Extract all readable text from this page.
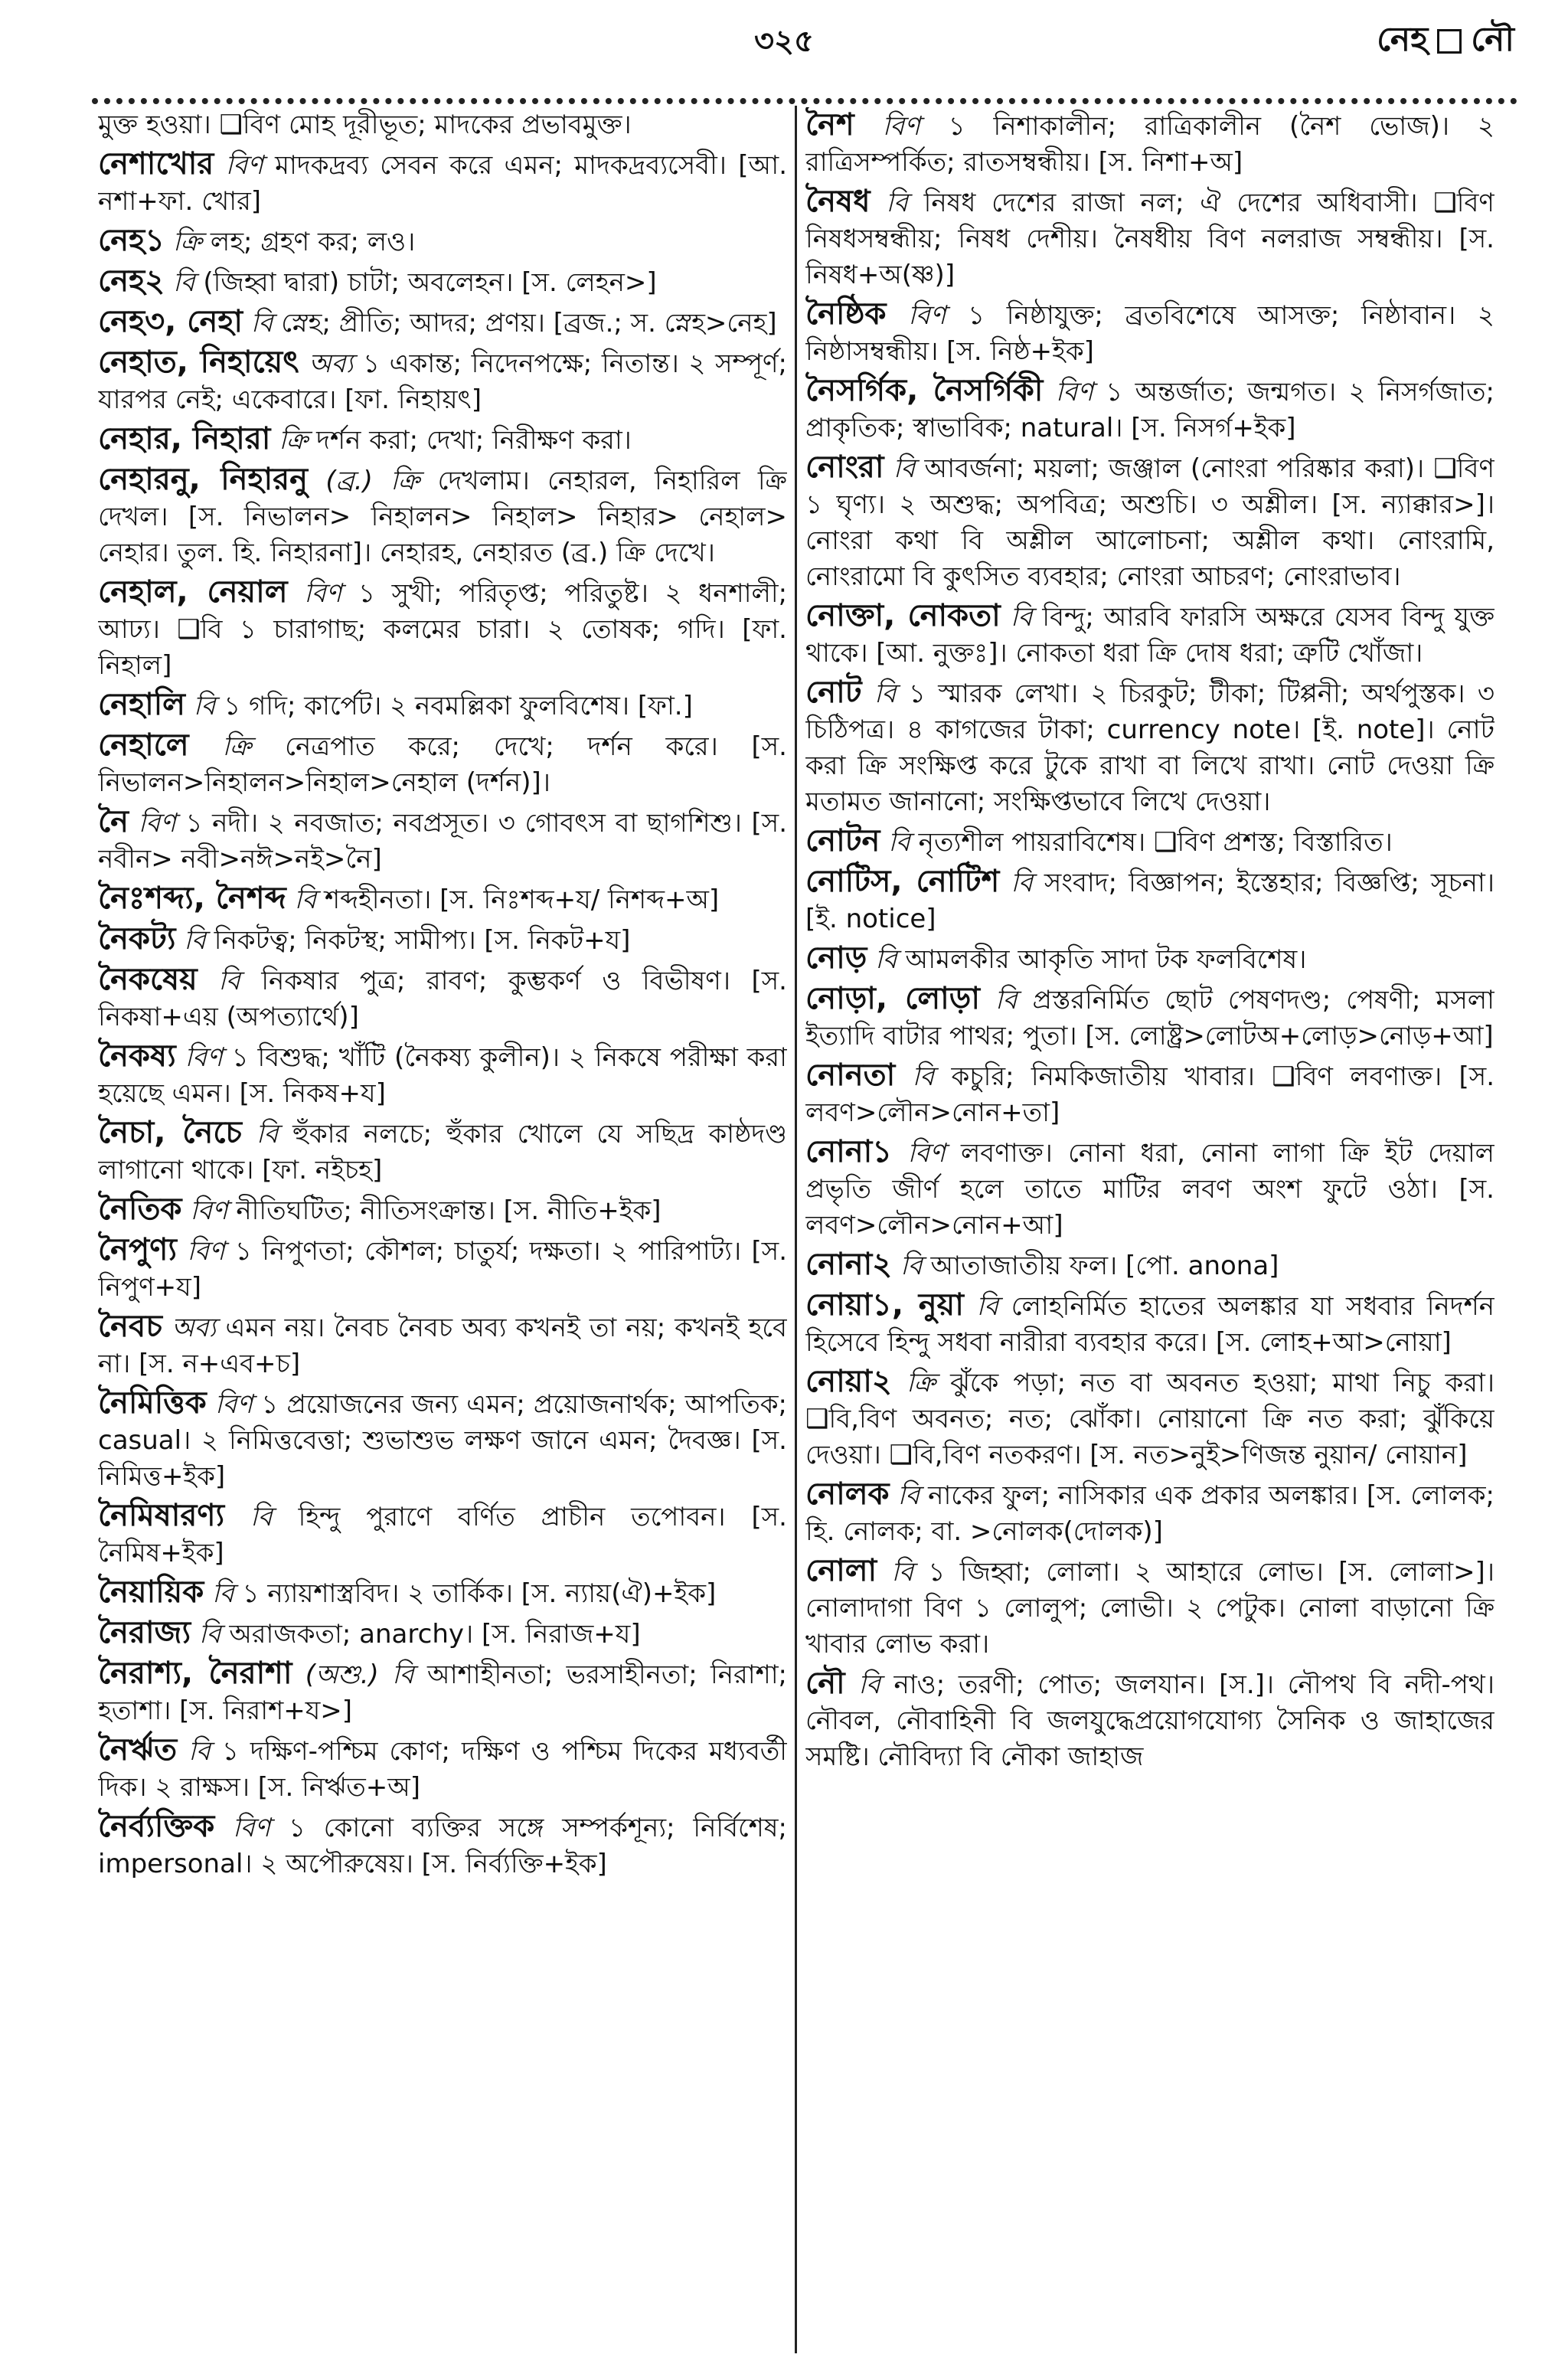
৩২৫	নেহ নৌ

মুক্ত হওয়া। ❑বিণ মোহ দূরীভূত; মাদকের প্রভাবমুক্ত।

নেশাখোর বিণ মাদকদ্রব্য সেবন করে এমন; মাদকদ্রব্যসেবী। [আ. নশা+ফা. খোর]

নেহ১ ক্রি লহ; গ্রহণ কর; লও।

নেহ২ বি (জিহ্বা দ্বারা) চাটা; অবলেহন। [স. লেহন>]

নেহ৩, নেহা বি স্নেহ; প্রীতি; আদর; প্রণয়। [ব্রজ.; স. স্নেহ>নেহ]

নেহাত, নিহায়েৎ অব্য ১ একান্ত; নিদেনপক্ষে; নিতান্ত। ২ সম্পূর্ণ; যারপর নেই; একেবারে। [ফা. নিহায়ৎ]

নেহার, নিহারা ক্রি দর্শন করা; দেখা; নিরীক্ষণ করা।

নেহারনু, নিহারনু (ব্র.) ক্রি দেখলাম। নেহারল, নিহারিল ক্রি দেখল। [স. নিভালন> নিহালন> নিহাল> নিহার> নেহাল> নেহার। তুল. হি. নিহারনা]। নেহারহ, নেহারত (ব্র.) ক্রি দেখে।

নেহাল, নেয়াল বিণ ১ সুখী; পরিতৃপ্ত; পরিতুষ্ট। ২ ধনশালী; আঢ্য। ❑বি ১ চারাগাছ; কলমের চারা। ২ তোষক; গদি। [ফা. নিহাল]

নেহালি বি ১ গদি; কার্পেট। ২ নবমল্লিকা ফুলবিশেষ। [ফা.]

নেহালে ক্রি নেত্রপাত করে; দেখে; দর্শন করে। [স. নিভালন>নিহালন>নিহাল>নেহাল (দর্শন)]।

নৈ বিণ ১ নদী। ২ নবজাত; নবপ্রসূত। ৩ গোবৎস বা ছাগশিশু। [স. নবীন> নবী>নঈ>নই>নৈ]

নৈঃশব্দ্য, নৈশব্দ বি শব্দহীনতা। [স. নিঃশব্দ+য/ নিশব্দ+অ]

নৈকট্য বি নিকটত্ব; নিকটস্থ; সামীপ্য। [স. নিকট+য]

নৈকষেয় বি নিকষার পুত্র; রাবণ; কুম্ভকর্ণ ও বিভীষণ। [স. নিকষা+এয় (অপত্যার্থে)]

নৈকষ্য বিণ ১ বিশুদ্ধ; খাঁটি (নৈকষ্য কুলীন)। ২ নিকষে পরীক্ষা করা হয়েছে এমন। [স. নিকষ+য]

নৈচা, নৈচে বি হুঁকার নলচে; হুঁকার খোলে যে সছিদ্র কাষ্ঠদণ্ড লাগানো থাকে। [ফা. নইচহ]

নৈতিক বিণ নীতিঘটিত; নীতিসংক্রান্ত। [স. নীতি+ইক]

নৈপুণ্য বিণ ১ নিপুণতা; কৌশল; চাতুর্য; দক্ষতা। ২ পারিপাট্য। [স. নিপুণ+য]

নৈবচ অব্য এমন নয়। নৈবচ নৈবচ অব্য কখনই তা নয়; কখনই হবে না। [স. ন+এব+চ]

নৈমিত্তিক বিণ ১ প্রয়োজনের জন্য এমন; প্রয়োজনার্থক; আপতিক; casual। ২ নিমিত্তবেত্তা; শুভাশুভ লক্ষণ জানে এমন; দৈবজ্ঞ। [স. নিমিত্ত+ইক]

নৈমিষারণ্য বি হিন্দু পুরাণে বর্ণিত প্রাচীন তপোবন। [স. নৈমিষ+ইক]

নৈয়ায়িক বি ১ ন্যায়শাস্ত্রবিদ। ২ তার্কিক। [স. ন্যায়(ঐ)+ইক]

নৈরাজ্য বি অরাজকতা; anarchy। [স. নিরাজ+য]

নৈরাশ্য, নৈরাশা (অশু.) বি আশাহীনতা; ভরসাহীনতা; নিরাশা; হতাশা। [স. নিরাশ+য>]

নৈর্ঋত বি ১ দক্ষিণ-পশ্চিম কোণ; দক্ষিণ ও পশ্চিম দিকের মধ্যবর্তী দিক। ২ রাক্ষস। [স. নির্ঋত+অ]

নৈর্ব্যক্তিক বিণ ১ কোনো ব্যক্তির সঙ্গে সম্পর্কশূন্য; নির্বিশেষ; impersonal। ২ অপৌরুষেয়। [স. নির্ব্যক্তি+ইক]

নৈশ বিণ ১ নিশাকালীন; রাত্রিকালীন (নৈশ ভোজ)। ২ রাত্রিসম্পর্কিত; রাতসম্বন্ধীয়। [স. নিশা+অ]

নৈষধ বি নিষধ দেশের রাজা নল; ঐ দেশের অধিবাসী। ❑বিণ নিষধসম্বন্ধীয়; নিষধ দেশীয়। নৈষধীয় বিণ নলরাজ সম্বন্ধীয়। [স. নিষধ+অ(ষ্ণ)]

নৈষ্ঠিক বিণ ১ নিষ্ঠাযুক্ত; ব্রতবিশেষে আসক্ত; নিষ্ঠাবান। ২ নিষ্ঠাসম্বন্ধীয়। [স. নিষ্ঠ+ইক]

নৈসর্গিক, নৈসর্গিকী বিণ ১ অন্তর্জাত; জন্মগত। ২ নিসর্গজাত; প্রাকৃতিক; স্বাভাবিক; natural। [স. নিসর্গ+ইক]

নোংরা বি আবর্জনা; ময়লা; জঞ্জাল (নোংরা পরিষ্কার করা)। ❑বিণ ১ ঘৃণ্য। ২ অশুদ্ধ; অপবিত্র; অশুচি। ৩ অশ্লীল। [স. ন্যাক্কার>]। নোংরা কথা বি অশ্লীল আলোচনা; অশ্লীল কথা। নোংরামি, নোংরামো বি কুৎসিত ব্যবহার; নোংরা আচরণ; নোংরাভাব।

নোক্তা, নোকতা বি বিন্দু; আরবি ফারসি অক্ষরে যেসব বিন্দু যুক্ত থাকে। [আ. নুক্তঃ]। নোকতা ধরা ক্রি দোষ ধরা; ত্রুটি খোঁজা।

নোট বি ১ স্মারক লেখা। ২ চিরকুট; টীকা; টিপ্পনী; অর্থপুস্তক। ৩ চিঠিপত্র। ৪ কাগজের টাকা; currency note। [ই. note]। নোট করা ক্রি সংক্ষিপ্ত করে টুকে রাখা বা লিখে রাখা। নোট দেওয়া ক্রি মতামত জানানো; সংক্ষিপ্তভাবে লিখে দেওয়া।

নোটন বি নৃত্যশীল পায়রাবিশেষ। ❑বিণ প্রশস্ত; বিস্তারিত।

নোটিস, নোটিশ বি সংবাদ; বিজ্ঞাপন; ইস্তেহার; বিজ্ঞপ্তি; সূচনা। [ই. notice]

নোড় বি আমলকীর আকৃতি সাদা টক ফলবিশেষ।

নোড়া, লোড়া বি প্রস্তরনির্মিত ছোট পেষণদণ্ড; পেষণী; মসলা ইত্যাদি বাটার পাথর; পুতা। [স. লোষ্ট্র>লোটঅ+লোড়>নোড়+আ]

নোনতা বি কচুরি; নিমকিজাতীয় খাবার। ❑বিণ লবণাক্ত। [স. লবণ>লৌন>নোন+তা]

নোনা১ বিণ লবণাক্ত। নোনা ধরা, নোনা লাগা ক্রি ইট দেয়াল প্রভৃতি জীর্ণ হলে তাতে মাটির লবণ অংশ ফুটে ওঠা। [স. লবণ>লৌন>নোন+আ]

নোনা২ বি আতাজাতীয় ফল। [পো. anona]

নোয়া১, নুয়া বি লোহনির্মিত হাতের অলঙ্কার যা সধবার নিদর্শন হিসেবে হিন্দু সধবা নারীরা ব্যবহার করে। [স. লোহ+আ>নোয়া]

নোয়া২ ক্রি ঝুঁকে পড়া; নত বা অবনত হওয়া; মাথা নিচু করা। ❑বি,বিণ অবনত; নত; ঝোঁকা। নোয়ানো ক্রি নত করা; ঝুঁকিয়ে দেওয়া। ❑বি,বিণ নতকরণ। [স. নত>নুই>ণিজন্ত নুয়ান/ নোয়ান]

নোলক বি নাকের ফুল; নাসিকার এক প্রকার অলঙ্কার। [স. লোলক; হি. নোলক; বা. >নোলক(দোলক)]

নোলা বি ১ জিহ্বা; লোলা। ২ আহারে লোভ। [স. লোলা>]। নোলাদাগা বিণ ১ লোলুপ; লোভী। ২ পেটুক। নোলা বাড়ানো ক্রি খাবার লোভ করা।

নৌ বি নাও; তরণী; পোত; জলযান। [স.]। নৌপথ বি নদী-পথ। নৌবল, নৌবাহিনী বি জলযুদ্ধেপ্রয়োগযোগ্য সৈনিক ও জাহাজের সমষ্টি। নৌবিদ্যা বি নৌকা জাহাজ
